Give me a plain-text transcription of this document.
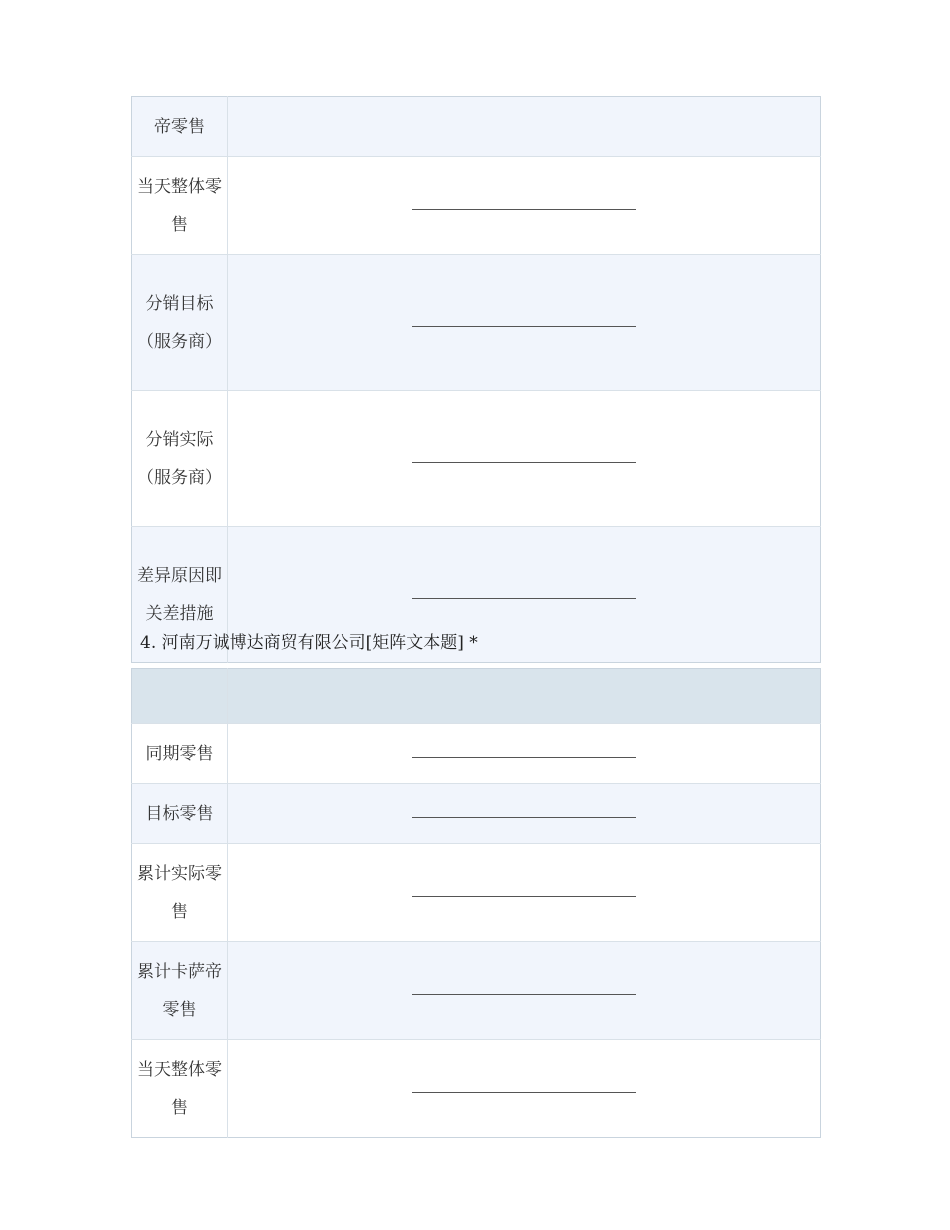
帝零售	
当天整体零售	
分销目标（服务商）	
分销实际（服务商）	
差异原因即关差措施	
4. 河南万诚博达商贸有限公司[矩阵文本题] *

同期零售	
目标零售	
累计实际零售	
累计卡萨帝零售	
当天整体零售	
